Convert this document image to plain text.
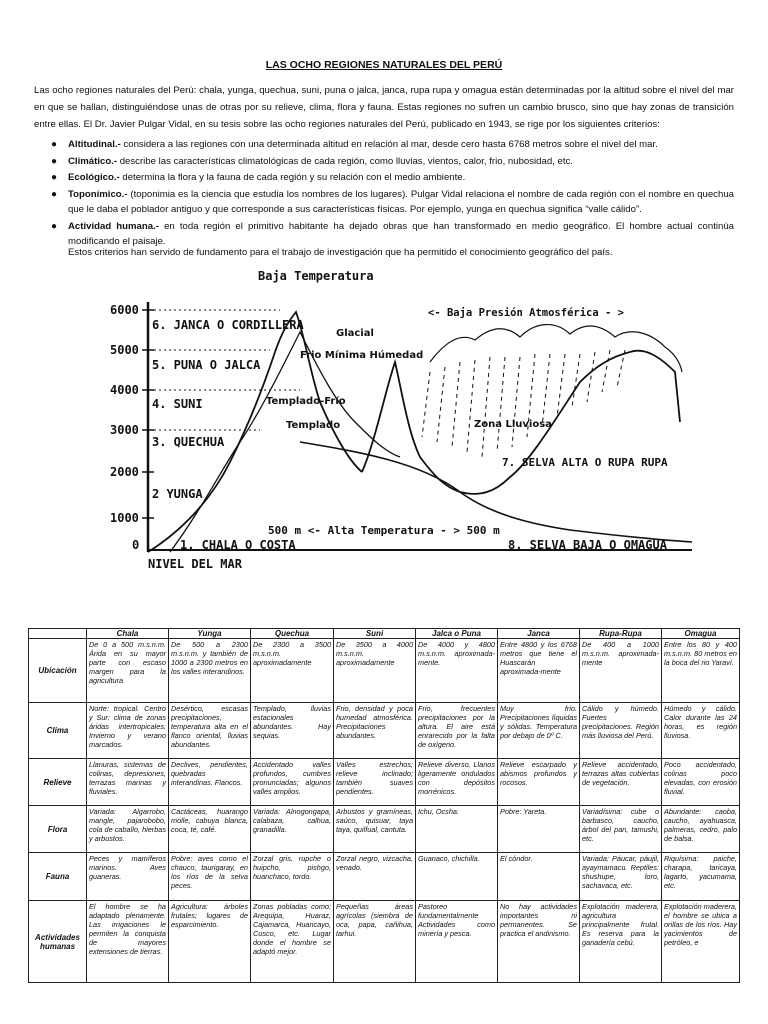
LAS OCHO REGIONES NATURALES DEL PERÚ
Las ocho regiones naturales del Perú: chala, yunga, quechua, suni, puna o jalca, janca, rupa rupa y omagua están determinadas por la altitud sobre el nivel del mar en que se hallan, distinguiéndose unas de otras por su relieve, clima, flora y fauna. Estas regiones no sufren un cambio brusco, sino que hay zonas de transición entre ellas. El Dr. Javier Pulgar Vidal, en su tesis sobre las ocho regiones naturales del Perú, publicado en 1943, se rige por los siguientes criterios:
● Altitudinal.- considera a las regiones con una determinada altitud en relación al mar, desde cero hasta 6768 metros sobre el nivel del mar.
● Climático.- describe las características climatológicas de cada región, como lluvias, vientos, calor, frio, nubosidad, etc.
● Ecológico.- determina la flora y la fauna de cada región y su relación con el medio ambiente.
● Toponímico.- (toponimia es la ciencia que estudia los nombres de los lugares). Pulgar Vidal relaciona el nombre de cada región con el nombre en quechua que le daba el poblador antiguo y que corresponde a sus características físicas. Por ejemplo, yunga en quechua significa “valle cálido”.
● Actividad humana.- en toda región el primitivo habitante ha dejado obras que han transformado en medio geográfico. El hombre actual continúa modificando el paisaje.
Estos criterios han servido de fundamento para el trabajo de investigación que ha permitido el conocimiento geográfico del país.
6000
5000
4000
3000
2000
1000
0
Baja Temperatura
<- Baja Presión Atmosférica - >
6. JANCA O CORDILLERA
5. PUNA O JALCA
4. SUNI
3. QUECHUA
2 YUNGA
1. CHALA O COSTA
7. SELVA ALTA O RUPA RUPA
8. SELVA BAJA O OMAGUA
Glacial
Frio Mínima Húmedad
Templado-Frío
Templado	Zona Lluviosa
500 m <- Alta Temperatura - > 500 m
NIVEL DEL MAR
	Chala	Yunga	Quechua	Suni	Jalca o Puna	Janca	Rupa-Rupa	Omagua
Ubicación	De 0 a 500 m.s.n.m. Árida en su mayor parte con escaso margen para la agricultura	De 500 a 2300 m.s.n.m. y también de 1000 a 2300 metros en los valles interandinos.	De 2300 a 3500 m.s.n.m. aproximadamente	De 3500 a 4000 m.s.n.m. aproximadamente	De 4000 y 4800 m.s.n.m. aproximada-mente.	Entre 4800 y los 6768 metros que tiene el Huascarán aproximada-mente	De 400 a 1000 m.s.n.m. aproximada-mente	Entre los 80 y 400 m.s.n.m. 80 metros en la boca del rio Yaraví.
Clima	Norte: tropical. Centro y Sur: clima de zonas áridas intertropicales. Invierno y verano marcados.	Desértico, escasas precipitaciones, temperatura alta en el flanco oriental, lluvias abundantes.	Templado, lluvias estacionales abundantes. Hay sequias.	Frio, densidad y poca humedad atmosférica. Precipitaciones abundantes.	Frio, frecuentes precipitaciones por la altura. El aire está enrarecido por la falta de oxígeno.	Muy frio. Precipitaciones líquidas y sólidas. Temperatura por debajo de 0º C.	Cálido y húmedo. Fuertes precipitaciones. Región más lluviosa del Perú.	Húmedo y cálido. Calor durante las 24 horas, es región lluviosa.
Relieve	Llanuras, sistemas de colinas, depresiones, terrazas marinas y fluviales.	Declives, pendientes, quebradas interandinas. Flancos.	Accidentado valles profundos, cumbres pronunciadas; algunos valles amplios.	Valles estrechos; relieve inclinado; también suaves pendientes.	Relieve diverso. Llanos ligeramente ondulados con depósitos morrénicos.	Relieve escarpado y abismos profundos y rocosos.	Relieve accidentado, terrazas altas cubiertas de vegetación.	Poco accidentado, colinas poco elevadas, con erosión fluvial.
Flora	Variada: Algarrobo, mangle, pajarobobo, cola de caballo, hierbas y arbustos.	Cactáceas, huarango molle, cabuya blanca, coca, té, café.	Variada: Alnogongapa, calabaza, calhua, granadilla.	Arbustos y gramíneas, saúco, quisuar, taya taya, quilfual, cantuta.	Ichu, Ocsha.	Pobre: Yareta.	Variadísima: cube o barbasco, caucho, árbol del pan, tamushi, etc.	Abundante: caoba, caucho, ayahuasca, palmeras, cedro, palo de balsa.
Fauna	Peces y mamíferos marinos. Aves guaneras.	Pobre: aves como el chauco, taurigaray, en los ríos de la selva peces.	Zorzal gris, rupche o huipcho, pishgo, huanchaco, tordo.	Zorzal negro, vizcacha, venado.	Guanaco, chichilla.	El cóndor.	Variada: Páucar, páujil, ayaymamacu. Reptiles: shushupe, loro, sachavaca, etc.	Riquísima: paiche, charapa, taricaya, lagarto, yacumama, etc.
Actividades humanas	El hombre se ha adaptado plenamente. Las irrigaciones le permiten la conquista de mayores extensiones de tierras.	Agricultura: árboles frutales; lugares de esparcimiento.	Zonas pobladas como: Arequipa, Huaraz, Cajamarca, Huancayo, Cusco, etc. Lugar donde el hombre se adaptó mejor.	Pequeñas áreas agrícolas (siembra de oca, papa, cañihua, tarhui.	Pastoreo fundamentalmente Actividades como minería y pesca.	No hay actividades importantes ni permanentes. Se practica el andinismo.	Explotación maderera, agricultura principalmente frutal. Es reserva para la ganadería cebú.	Explotación maderera, el hombre se ubica a orillas de los ríos. Hay yacimientos de petróleo, e
